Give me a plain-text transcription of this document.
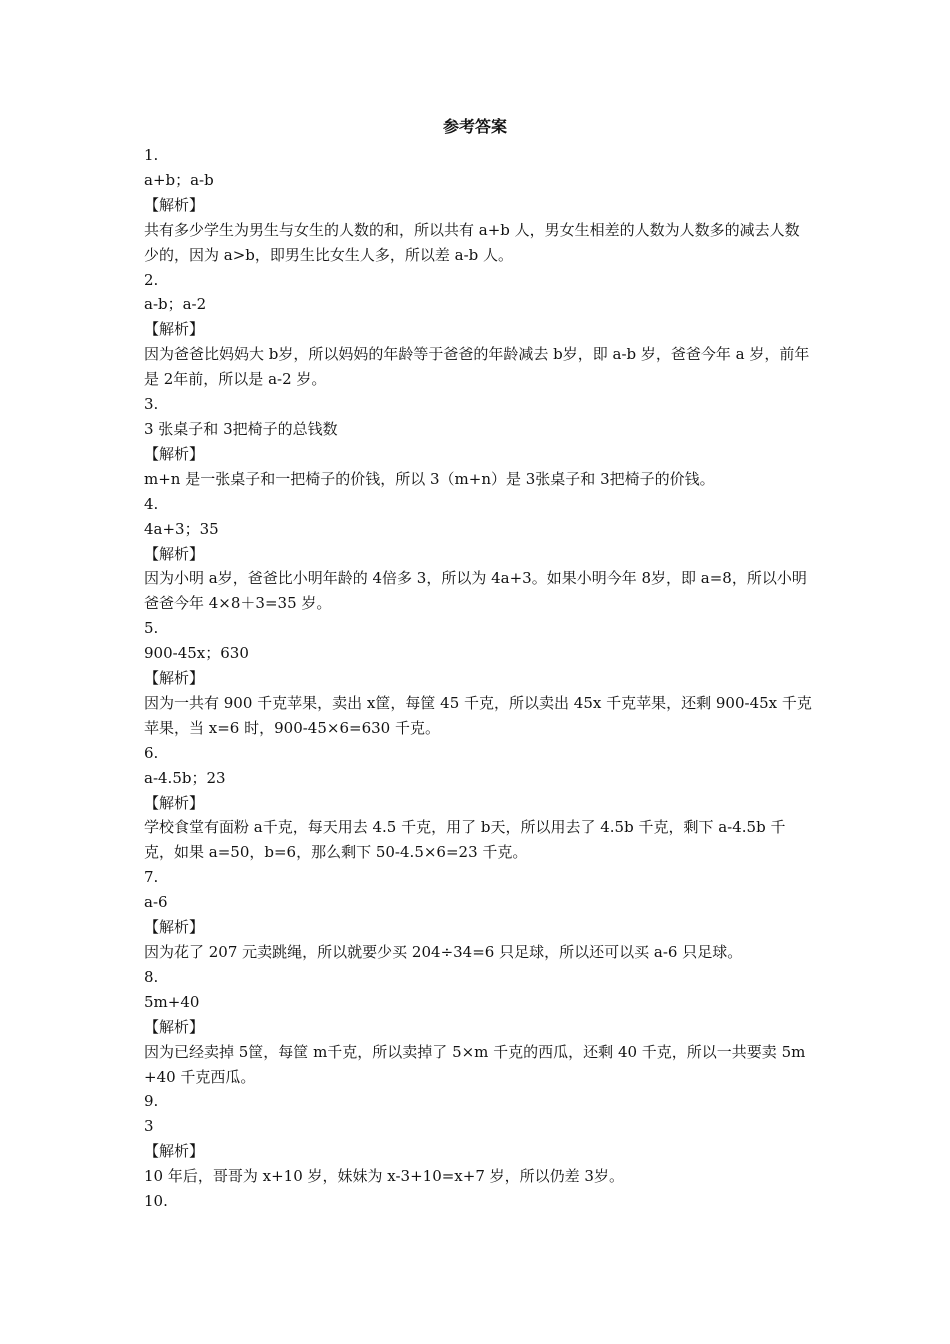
参考答案
1.
a+b；a-b
【解析】
共有多少学生为男生与女生的人数的和，所以共有 a+b 人，男女生相差的人数为人数多的减去人数少的，因为 a>b，即男生比女生人多，所以差 a-b 人。
2.
a-b；a-2
【解析】
因为爸爸比妈妈大 b岁，所以妈妈的年龄等于爸爸的年龄减去 b岁，即 a-b 岁，爸爸今年 a 岁，前年是 2年前，所以是 a-2 岁。
3.
3 张桌子和 3把椅子的总钱数
【解析】
m+n 是一张桌子和一把椅子的价钱，所以 3（m+n）是 3张桌子和 3把椅子的价钱。
4.
4a+3；35
【解析】
因为小明 a岁，爸爸比小明年龄的 4倍多 3，所以为 4a+3。如果小明今年 8岁，即 a=8，所以小明爸爸今年 4×8＋3=35 岁。
5.
900-45x；630
【解析】
因为一共有 900 千克苹果，卖出 x筐，每筐 45 千克，所以卖出 45x 千克苹果，还剩 900-45x 千克苹果，当 x=6 时，900-45×6=630 千克。
6.
a-4.5b；23
【解析】
学校食堂有面粉 a千克，每天用去 4.5 千克，用了 b天，所以用去了 4.5b 千克，剩下 a-4.5b 千克，如果 a=50，b=6，那么剩下 50-4.5×6=23 千克。
7.
a-6
【解析】
因为花了 207 元卖跳绳，所以就要少买 204÷34=6 只足球，所以还可以买 a-6 只足球。
8.
5m+40
【解析】
因为已经卖掉 5筐，每筐 m千克，所以卖掉了 5×m 千克的西瓜，还剩 40 千克，所以一共要卖 5m+40 千克西瓜。
9.
3
【解析】
10 年后，哥哥为 x+10 岁，妹妹为 x-3+10=x+7 岁，所以仍差 3岁。
10.
